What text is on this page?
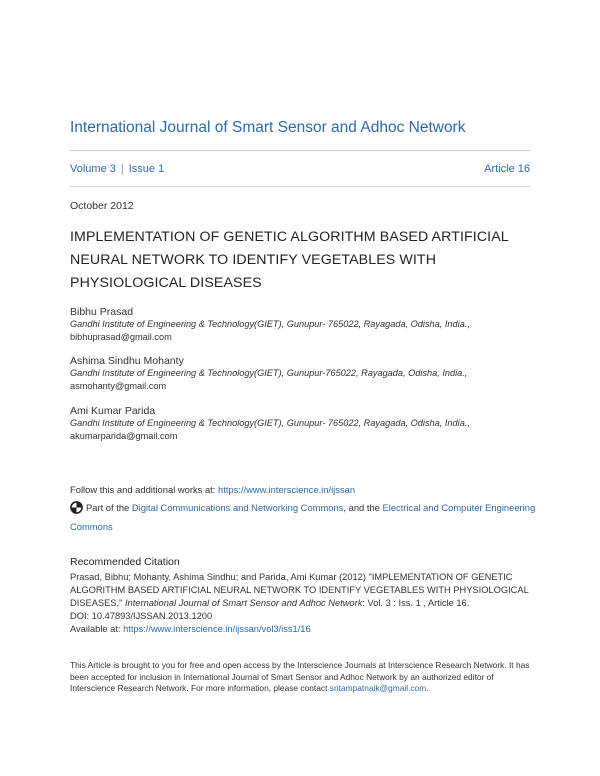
International Journal of Smart Sensor and Adhoc Network
Volume 3 | Issue 1	Article 16
October 2012
IMPLEMENTATION OF GENETIC ALGORITHM BASED ARTIFICIAL NEURAL NETWORK TO IDENTIFY VEGETABLES WITH PHYSIOLOGICAL DISEASES
Bibhu Prasad
Gandhi Institute of Engineering & Technology(GIET), Gunupur- 765022, Rayagada, Odisha, India.,
bibhuprasad@gmail.com
Ashima Sindhu Mohanty
Gandhi Institute of Engineering & Technology(GIET), Gunupur-765022, Rayagada, Odisha, India.,
asmohanty@gmail.com
Ami Kumar Parida
Gandhi Institute of Engineering & Technology(GIET), Gunupur- 765022, Rayagada, Odisha, India.,
akumarparida@gmail.com
Follow this and additional works at: https://www.interscience.in/ijssan
Part of the Digital Communications and Networking Commons, and the Electrical and Computer Engineering Commons
Recommended Citation
Prasad, Bibhu; Mohanty, Ashima Sindhu; and Parida, Ami Kumar (2012) "IMPLEMENTATION OF GENETIC ALGORITHM BASED ARTIFICIAL NEURAL NETWORK TO IDENTIFY VEGETABLES WITH PHYSIOLOGICAL DISEASES," International Journal of Smart Sensor and Adhoc Network: Vol. 3 : Iss. 1 , Article 16.
DOI: 10.47893/IJSSAN.2013.1200
Available at: https://www.interscience.in/ijssan/vol3/iss1/16
This Article is brought to you for free and open access by the Interscience Journals at Interscience Research Network. It has been accepted for inclusion in International Journal of Smart Sensor and Adhoc Network by an authorized editor of Interscience Research Network. For more information, please contact sritampatnaik@gmail.com.
